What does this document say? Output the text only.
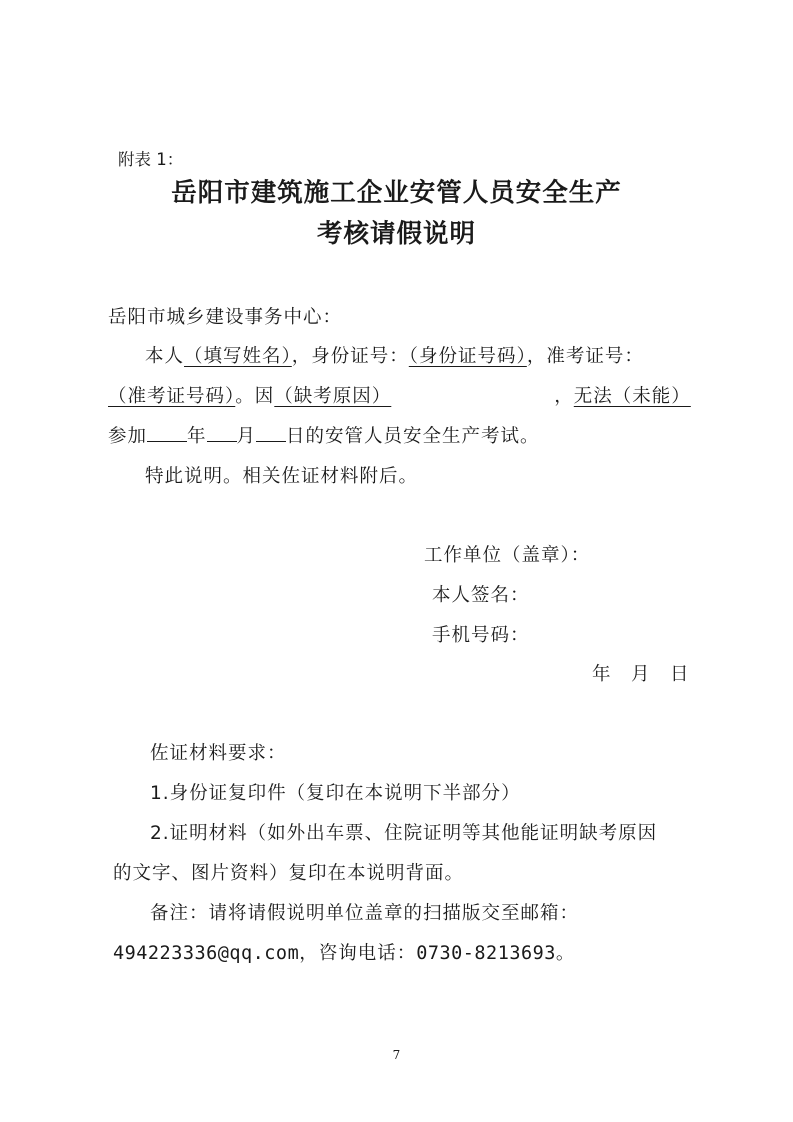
附表 1：
岳阳市建筑施工企业安管人员安全生产
考核请假说明
岳阳市城乡建设事务中心：
本人（填写姓名），身份证号：（身份证号码），准考证号：
（准考证号码）。因（缺考原因）	，无法（未能）
参加 年 月 日的安管人员安全生产考试。
特此说明。相关佐证材料附后。
工作单位（盖章）：
本人签名：
手机号码：
年　月　日
佐证材料要求：
1.身份证复印件（复印在本说明下半部分）
2.证明材料（如外出车票、住院证明等其他能证明缺考原因
的文字、图片资料）复印在本说明背面。
备注：请将请假说明单位盖章的扫描版交至邮箱：
494223336@qq.com，咨询电话：0730-8213693。
7
